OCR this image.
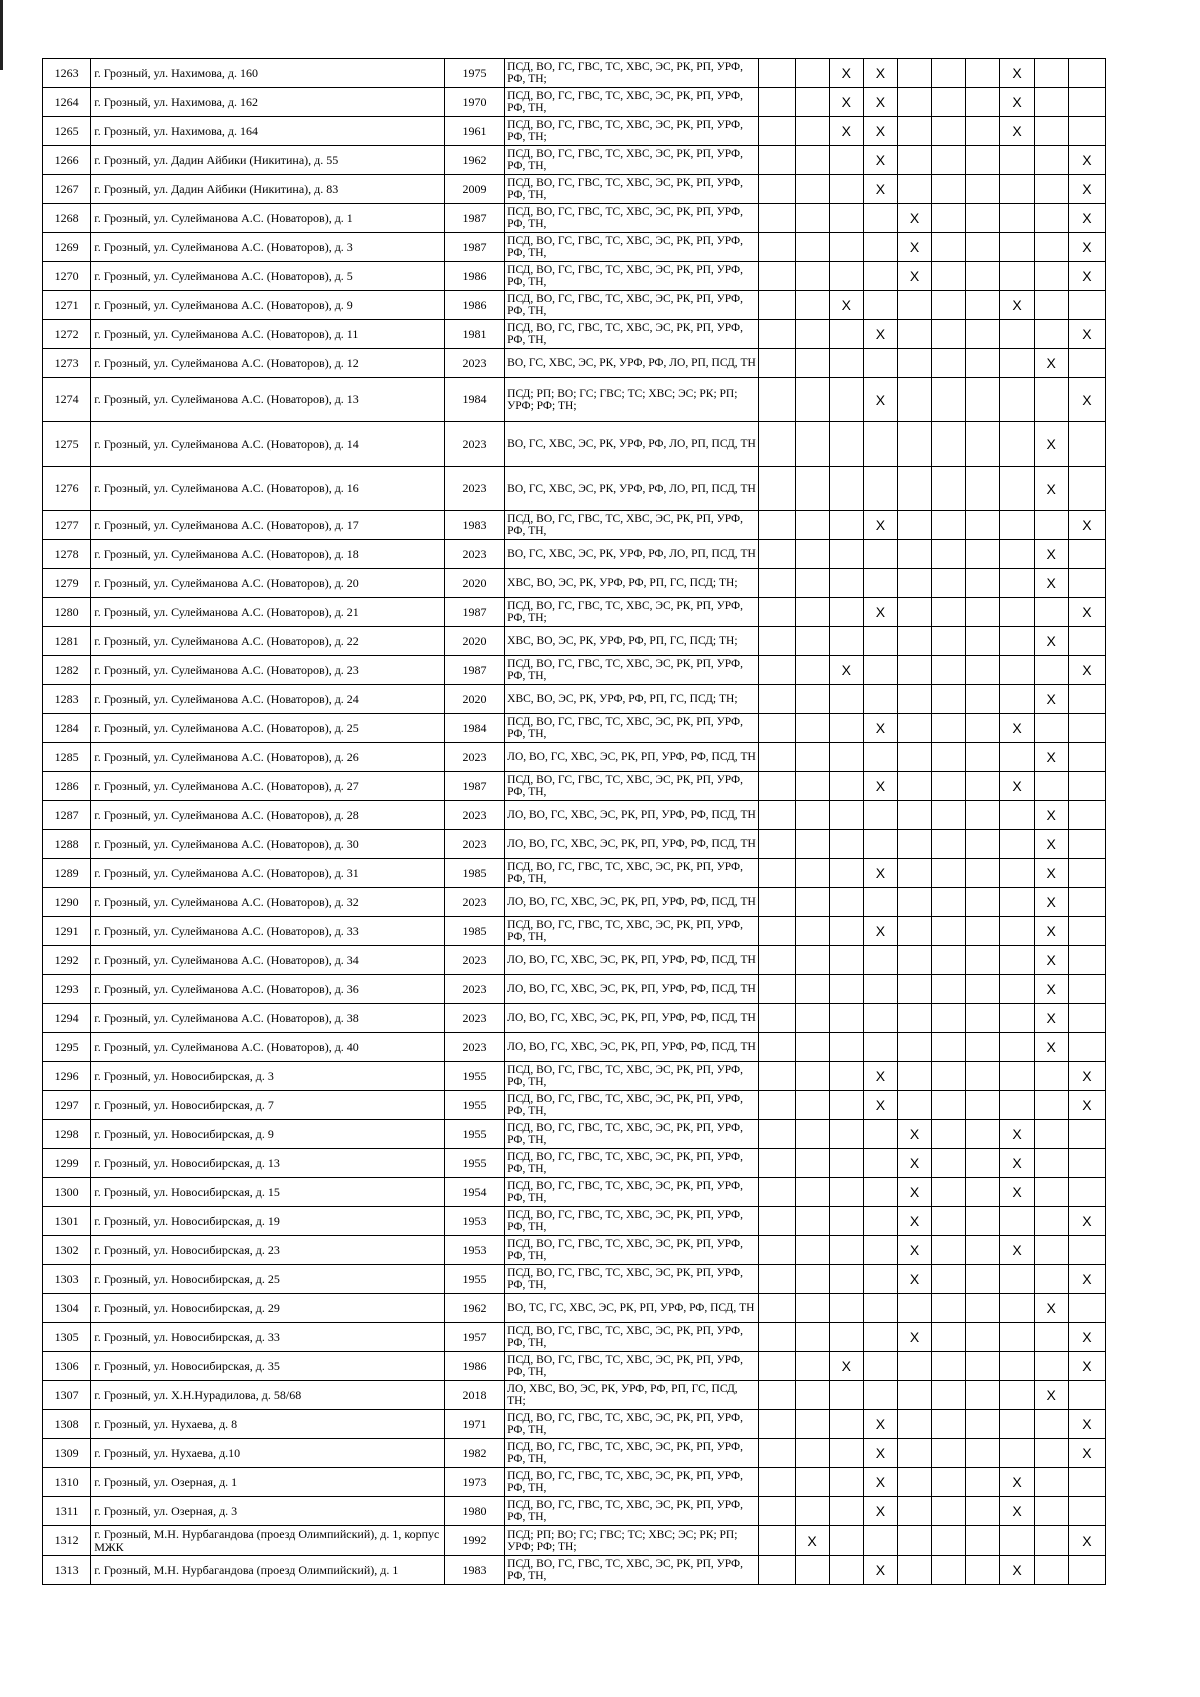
1263	г. Грозный, ул. Нахимова, д. 160	1975	ПСД, ВО, ГС, ГВС, ТС, ХВС, ЭС, РК, РП, УРФ, РФ, ТН;			X	X				X		
1264	г. Грозный, ул. Нахимова, д. 162	1970	ПСД, ВО, ГС, ГВС, ТС, ХВС, ЭС, РК, РП, УРФ, РФ, ТН,			X	X				X		
1265	г. Грозный, ул. Нахимова, д. 164	1961	ПСД, ВО, ГС, ГВС, ТС, ХВС, ЭС, РК, РП, УРФ, РФ, ТН;			X	X				X		
1266	г. Грозный, ул. Дадин Айбики (Никитина), д. 55	1962	ПСД, ВО, ГС, ГВС, ТС, ХВС, ЭС, РК, РП, УРФ, РФ, ТН,				X						X
1267	г. Грозный, ул. Дадин Айбики (Никитина), д. 83	2009	ПСД, ВО, ГС, ГВС, ТС, ХВС, ЭС, РК, РП, УРФ, РФ, ТН,				X						X
1268	г. Грозный, ул. Сулейманова А.С. (Новаторов), д. 1	1987	ПСД, ВО, ГС, ГВС, ТС, ХВС, ЭС, РК, РП, УРФ, РФ, ТН,					X					X
1269	г. Грозный, ул. Сулейманова А.С. (Новаторов), д. 3	1987	ПСД, ВО, ГС, ГВС, ТС, ХВС, ЭС, РК, РП, УРФ, РФ, ТН,					X					X
1270	г. Грозный, ул. Сулейманова А.С. (Новаторов), д. 5	1986	ПСД, ВО, ГС, ГВС, ТС, ХВС, ЭС, РК, РП, УРФ, РФ, ТН,					X					X
1271	г. Грозный, ул. Сулейманова А.С. (Новаторов), д. 9	1986	ПСД, ВО, ГС, ГВС, ТС, ХВС, ЭС, РК, РП, УРФ, РФ, ТН,			X					X		
1272	г. Грозный, ул. Сулейманова А.С. (Новаторов), д. 11	1981	ПСД, ВО, ГС, ГВС, ТС, ХВС, ЭС, РК, РП, УРФ, РФ, ТН,				X						X
1273	г. Грозный, ул. Сулейманова А.С. (Новаторов), д. 12	2023	ВО, ГС, ХВС, ЭС, РК, УРФ, РФ, ЛО, РП, ПСД, ТН									X	
1274	г. Грозный, ул. Сулейманова А.С. (Новаторов), д. 13	1984	ПСД; РП; ВО; ГС; ГВС; ТС; ХВС; ЭС; РК; РП; УРФ; РФ; ТН;				X						X
1275	г. Грозный, ул. Сулейманова А.С. (Новаторов), д. 14	2023	ВО, ГС, ХВС, ЭС, РК, УРФ, РФ, ЛО, РП, ПСД, ТН									X	
1276	г. Грозный, ул. Сулейманова А.С. (Новаторов), д. 16	2023	ВО, ГС, ХВС, ЭС, РК, УРФ, РФ, ЛО, РП, ПСД, ТН									X	
1277	г. Грозный, ул. Сулейманова А.С. (Новаторов), д. 17	1983	ПСД, ВО, ГС, ГВС, ТС, ХВС, ЭС, РК, РП, УРФ, РФ, ТН,				X						X
1278	г. Грозный, ул. Сулейманова А.С. (Новаторов), д. 18	2023	ВО, ГС, ХВС, ЭС, РК, УРФ, РФ, ЛО, РП, ПСД, ТН									X	
1279	г. Грозный, ул. Сулейманова А.С. (Новаторов), д. 20	2020	ХВС, ВО, ЭС, РК, УРФ, РФ, РП, ГС, ПСД; ТН;									X	
1280	г. Грозный, ул. Сулейманова А.С. (Новаторов), д. 21	1987	ПСД, ВО, ГС, ГВС, ТС, ХВС, ЭС, РК, РП, УРФ, РФ, ТН;				X						X
1281	г. Грозный, ул. Сулейманова А.С. (Новаторов), д. 22	2020	ХВС, ВО, ЭС, РК, УРФ, РФ, РП, ГС, ПСД; ТН;									X	
1282	г. Грозный, ул. Сулейманова А.С. (Новаторов), д. 23	1987	ПСД, ВО, ГС, ГВС, ТС, ХВС, ЭС, РК, РП, УРФ, РФ, ТН,			X							X
1283	г. Грозный, ул. Сулейманова А.С. (Новаторов), д. 24	2020	ХВС, ВО, ЭС, РК, УРФ, РФ, РП, ГС, ПСД; ТН;									X	
1284	г. Грозный, ул. Сулейманова А.С. (Новаторов), д. 25	1984	ПСД, ВО, ГС, ГВС, ТС, ХВС, ЭС, РК, РП, УРФ, РФ, ТН,				X				X		
1285	г. Грозный, ул. Сулейманова А.С. (Новаторов), д. 26	2023	ЛО, ВО, ГС, ХВС, ЭС, РК, РП, УРФ, РФ, ПСД, ТН									X	
1286	г. Грозный, ул. Сулейманова А.С. (Новаторов), д. 27	1987	ПСД, ВО, ГС, ГВС, ТС, ХВС, ЭС, РК, РП, УРФ, РФ, ТН,				X				X		
1287	г. Грозный, ул. Сулейманова А.С. (Новаторов), д. 28	2023	ЛО, ВО, ГС, ХВС, ЭС, РК, РП, УРФ, РФ, ПСД, ТН									X	
1288	г. Грозный, ул. Сулейманова А.С. (Новаторов), д. 30	2023	ЛО, ВО, ГС, ХВС, ЭС, РК, РП, УРФ, РФ, ПСД, ТН									X	
1289	г. Грозный, ул. Сулейманова А.С. (Новаторов), д. 31	1985	ПСД, ВО, ГС, ГВС, ТС, ХВС, ЭС, РК, РП, УРФ, РФ, ТН,				X					X	
1290	г. Грозный, ул. Сулейманова А.С. (Новаторов), д. 32	2023	ЛО, ВО, ГС, ХВС, ЭС, РК, РП, УРФ, РФ, ПСД, ТН									X	
1291	г. Грозный, ул. Сулейманова А.С. (Новаторов), д. 33	1985	ПСД, ВО, ГС, ГВС, ТС, ХВС, ЭС, РК, РП, УРФ, РФ, ТН,				X					X	
1292	г. Грозный, ул. Сулейманова А.С. (Новаторов), д. 34	2023	ЛО, ВО, ГС, ХВС, ЭС, РК, РП, УРФ, РФ, ПСД, ТН									X	
1293	г. Грозный, ул. Сулейманова А.С. (Новаторов), д. 36	2023	ЛО, ВО, ГС, ХВС, ЭС, РК, РП, УРФ, РФ, ПСД, ТН									X	
1294	г. Грозный, ул. Сулейманова А.С. (Новаторов), д. 38	2023	ЛО, ВО, ГС, ХВС, ЭС, РК, РП, УРФ, РФ, ПСД, ТН									X	
1295	г. Грозный, ул. Сулейманова А.С. (Новаторов), д. 40	2023	ЛО, ВО, ГС, ХВС, ЭС, РК, РП, УРФ, РФ, ПСД, ТН									X	
1296	г. Грозный, ул. Новосибирская, д. 3	1955	ПСД, ВО, ГС, ГВС, ТС, ХВС, ЭС, РК, РП, УРФ, РФ, ТН,				X						X
1297	г. Грозный, ул. Новосибирская, д. 7	1955	ПСД, ВО, ГС, ГВС, ТС, ХВС, ЭС, РК, РП, УРФ, РФ, ТН,				X						X
1298	г. Грозный, ул. Новосибирская, д. 9	1955	ПСД, ВО, ГС, ГВС, ТС, ХВС, ЭС, РК, РП, УРФ, РФ, ТН,					X			X		
1299	г. Грозный, ул. Новосибирская, д. 13	1955	ПСД, ВО, ГС, ГВС, ТС, ХВС, ЭС, РК, РП, УРФ, РФ, ТН,					X			X		
1300	г. Грозный, ул. Новосибирская, д. 15	1954	ПСД, ВО, ГС, ГВС, ТС, ХВС, ЭС, РК, РП, УРФ, РФ, ТН,					X			X		
1301	г. Грозный, ул. Новосибирская, д. 19	1953	ПСД, ВО, ГС, ГВС, ТС, ХВС, ЭС, РК, РП, УРФ, РФ, ТН,					X					X
1302	г. Грозный, ул. Новосибирская, д. 23	1953	ПСД, ВО, ГС, ГВС, ТС, ХВС, ЭС, РК, РП, УРФ, РФ, ТН,					X			X		
1303	г. Грозный, ул. Новосибирская, д. 25	1955	ПСД, ВО, ГС, ГВС, ТС, ХВС, ЭС, РК, РП, УРФ, РФ, ТН,					X					X
1304	г. Грозный, ул. Новосибирская, д. 29	1962	ВО, ТС, ГС, ХВС, ЭС, РК, РП, УРФ, РФ, ПСД, ТН									X	
1305	г. Грозный, ул. Новосибирская, д. 33	1957	ПСД, ВО, ГС, ГВС, ТС, ХВС, ЭС, РК, РП, УРФ, РФ, ТН,					X					X
1306	г. Грозный, ул. Новосибирская, д. 35	1986	ПСД, ВО, ГС, ГВС, ТС, ХВС, ЭС, РК, РП, УРФ, РФ, ТН,			X							X
1307	г. Грозный, ул. Х.Н.Нурадилова, д. 58/68	2018	ЛО, ХВС, ВО, ЭС, РК, УРФ, РФ, РП, ГС, ПСД, ТН;									X	
1308	г. Грозный, ул. Нухаева, д. 8	1971	ПСД, ВО, ГС, ГВС, ТС, ХВС, ЭС, РК, РП, УРФ, РФ, ТН,				X						X
1309	г. Грозный, ул. Нухаева, д.10	1982	ПСД, ВО, ГС, ГВС, ТС, ХВС, ЭС, РК, РП, УРФ, РФ, ТН,				X						X
1310	г. Грозный, ул. Озерная, д. 1	1973	ПСД, ВО, ГС, ГВС, ТС, ХВС, ЭС, РК, РП, УРФ, РФ, ТН,				X				X		
1311	г. Грозный, ул. Озерная, д. 3	1980	ПСД, ВО, ГС, ГВС, ТС, ХВС, ЭС, РК, РП, УРФ, РФ, ТН,				X				X		
1312	г. Грозный, М.Н. Нурбагандова (проезд Олимпийский), д. 1, корпус МЖК	1992	ПСД; РП; ВО; ГС; ГВС; ТС; ХВС; ЭС; РК; РП; УРФ; РФ; ТН;		X								X
1313	г. Грозный, М.Н. Нурбагандова (проезд Олимпийский), д. 1	1983	ПСД, ВО, ГС, ГВС, ТС, ХВС, ЭС, РК, РП, УРФ, РФ, ТН,				X				X		
